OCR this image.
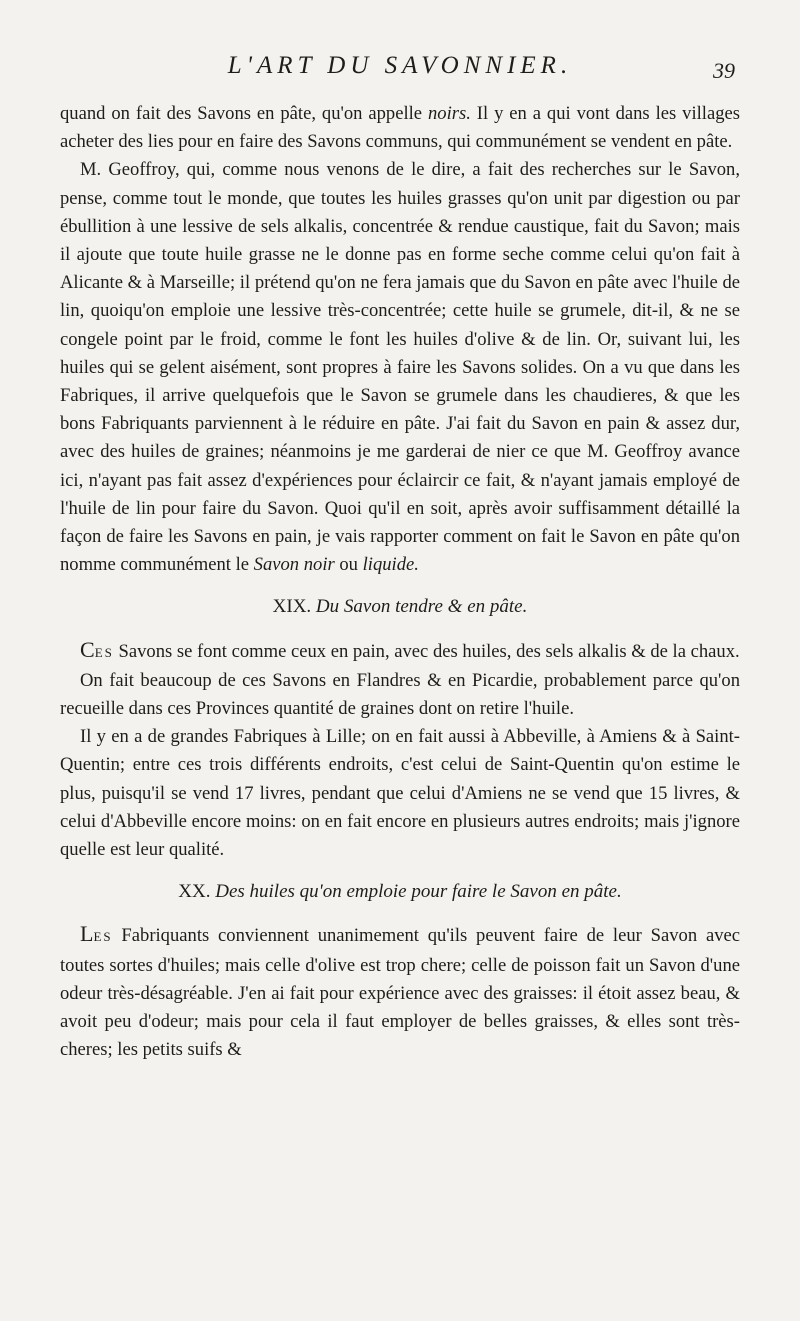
L'ART DU SAVONNIER.	39

quand on fait des Savons en pâte, qu'on appelle noirs. Il y en a qui vont dans les villages acheter des lies pour en faire des Savons communs, qui communément se vendent en pâte.

M. Geoffroy, qui, comme nous venons de le dire, a fait des recherches sur le Savon, pense, comme tout le monde, que toutes les huiles grasses qu'on unit par digestion ou par ébullition à une lessive de sels alkalis, concentrée & rendue caustique, fait du Savon; mais il ajoute que toute huile grasse ne le donne pas en forme seche comme celui qu'on fait à Alicante & à Marseille; il prétend qu'on ne fera jamais que du Savon en pâte avec l'huile de lin, quoiqu'on emploie une lessive très-concentrée; cette huile se grumele, dit-il, & ne se congele point par le froid, comme le font les huiles d'olive & de lin. Or, suivant lui, les huiles qui se gelent aisément, sont propres à faire les Savons solides. On a vu que dans les Fabriques, il arrive quelquefois que le Savon se grumele dans les chaudieres, & que les bons Fabriquants parviennent à le réduire en pâte. J'ai fait du Savon en pain & assez dur, avec des huiles de graines; néanmoins je me garderai de nier ce que M. Geoffroy avance ici, n'ayant pas fait assez d'expériences pour éclaircir ce fait, & n'ayant jamais employé de l'huile de lin pour faire du Savon. Quoi qu'il en soit, après avoir suffisamment détaillé la façon de faire les Savons en pain, je vais rapporter comment on fait le Savon en pâte qu'on nomme communément le Savon noir ou liquide.

XIX. Du Savon tendre & en pâte.

CES Savons se font comme ceux en pain, avec des huiles, des sels alkalis & de la chaux.

On fait beaucoup de ces Savons en Flandres & en Picardie, probablement parce qu'on recueille dans ces Provinces quantité de graines dont on retire l'huile.

Il y en a de grandes Fabriques à Lille; on en fait aussi à Abbeville, à Amiens & à Saint-Quentin; entre ces trois différents endroits, c'est celui de Saint-Quentin qu'on estime le plus, puisqu'il se vend 17 livres, pendant que celui d'Amiens ne se vend que 15 livres, & celui d'Abbeville encore moins: on en fait encore en plusieurs autres endroits; mais j'ignore quelle est leur qualité.

XX. Des huiles qu'on emploie pour faire le Savon en pâte.

LES Fabriquants conviennent unanimement qu'ils peuvent faire de leur Savon avec toutes sortes d'huiles; mais celle d'olive est trop chere; celle de poisson fait un Savon d'une odeur très-désagréable. J'en ai fait pour expérience avec des graisses: il étoit assez beau, & avoit peu d'odeur; mais pour cela il faut employer de belles graisses, & elles sont très-cheres; les petits suifs &
